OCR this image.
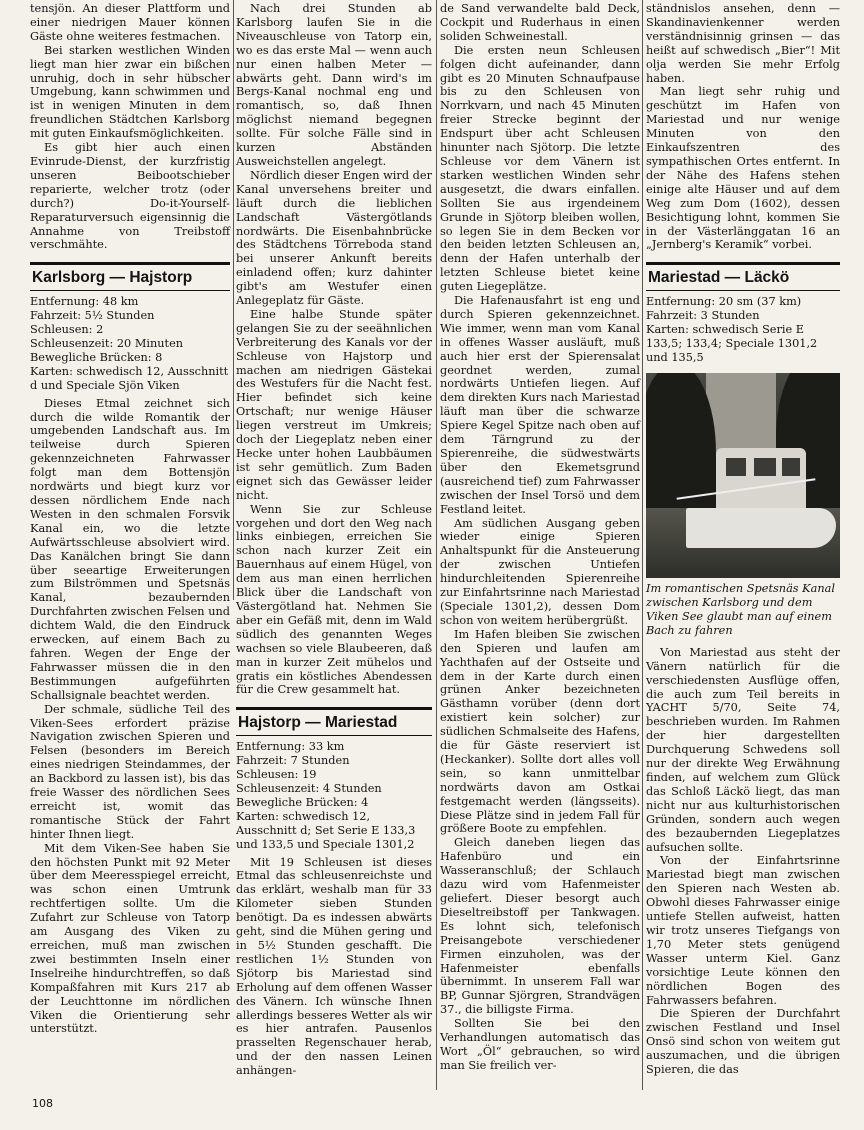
tensjön. An dieser Plattform und einer niedrigen Mauer können Gäste ohne weiteres festmachen.

Bei starken westlichen Winden liegt man hier zwar ein bißchen unruhig, doch in sehr hübscher Umgebung, kann schwimmen und ist in wenigen Minuten in dem freundlichen Städtchen Karlsborg mit guten Einkaufsmöglichkeiten.

Es gibt hier auch einen Evinrude-Dienst, der kurzfristig unseren Beibootschieber reparierte, welcher trotz (oder durch?) Do-it-Yourself-Reparaturversuch eigensinnig die Annahme von Treibstoff verschmähte.

Karlsborg — Hajstorp
Entfernung: 48 km
Fahrzeit: 5½ Stunden
Schleusen: 2
Schleusenzeit: 20 Minuten
Bewegliche Brücken: 8
Karten: schwedisch 12, Ausschnitt d und Speciale Sjön Viken

Dieses Etmal zeichnet sich durch die wilde Romantik der umgebenden Landschaft aus. Im teilweise durch Spieren gekennzeichneten Fahrwasser folgt man dem Bottensjön nordwärts und biegt kurz vor dessen nördlichem Ende nach Westen in den schmalen Forsvik Kanal ein, wo die letzte Aufwärtsschleuse absolviert wird. Das Kanälchen bringt Sie dann über seeartige Erweiterungen zum Bilströmmen und Spetsnäs Kanal, bezaubernden Durchfahrten zwischen Felsen und dichtem Wald, die den Eindruck erwecken, auf einem Bach zu fahren. Wegen der Enge der Fahrwasser müssen die in den Bestimmungen aufgeführten Schallsignale beachtet werden.

Der schmale, südliche Teil des Viken-Sees erfordert präzise Navigation zwischen Spieren und Felsen (besonders im Bereich eines niedrigen Steindammes, der an Backbord zu lassen ist), bis das freie Wasser des nördlichen Sees erreicht ist, womit das romantische Stück der Fahrt hinter Ihnen liegt.

Mit dem Viken-See haben Sie den höchsten Punkt mit 92 Meter über dem Meeresspiegel erreicht, was schon einen Umtrunk rechtfertigen sollte. Um die Zufahrt zur Schleuse von Tatorp am Ausgang des Viken zu erreichen, muß man zwischen zwei bestimmten Inseln einer Inselreihe hindurchtreffen, so daß Kompaßfahren mit Kurs 217 ab der Leuchttonne im nördlichen Viken die Orientierung sehr unterstützt.

Nach drei Stunden ab Karlsborg laufen Sie in die Niveauschleuse von Tatorp ein, wo es das erste Mal — wenn auch nur einen halben Meter — abwärts geht. Dann wird's im Bergs-Kanal nochmal eng und romantisch, so, daß Ihnen möglichst niemand begegnen sollte. Für solche Fälle sind in kurzen Abständen Ausweichstellen angelegt.

Nördlich dieser Engen wird der Kanal unversehens breiter und läuft durch die lieblichen Landschaft Västergötlands nordwärts. Die Eisenbahnbrücke des Städtchens Törreboda stand bei unserer Ankunft bereits einladend offen; kurz dahinter gibt's am Westufer einen Anlegeplatz für Gäste.

Eine halbe Stunde später gelangen Sie zu der seeähnlichen Verbreiterung des Kanals vor der Schleuse von Hajstorp und machen am niedrigen Gästekai des Westufers für die Nacht fest. Hier befindet sich keine Ortschaft; nur wenige Häuser liegen verstreut im Umkreis; doch der Liegeplatz neben einer Hecke unter hohen Laubbäumen ist sehr gemütlich. Zum Baden eignet sich das Gewässer leider nicht.

Wenn Sie zur Schleuse vorgehen und dort den Weg nach links einbiegen, erreichen Sie schon nach kurzer Zeit ein Bauernhaus auf einem Hügel, von dem aus man einen herrlichen Blick über die Landschaft von Västergötland hat. Nehmen Sie aber ein Gefäß mit, denn im Wald südlich des genannten Weges wachsen so viele Blaubeeren, daß man in kurzer Zeit mühelos und gratis ein köstliches Abendessen für die Crew gesammelt hat.

Hajstorp — Mariestad
Entfernung: 33 km
Fahrzeit: 7 Stunden
Schleusen: 19
Schleusenzeit: 4 Stunden
Bewegliche Brücken: 4
Karten: schwedisch 12, Ausschnitt d; Set Serie E 133,3 und 133,5 und Speciale 1301,2

Mit 19 Schleusen ist dieses Etmal das schleusenreichste und das erklärt, weshalb man für 33 Kilometer sieben Stunden benötigt. Da es indessen abwärts geht, sind die Mühen gering und in 5½ Stunden geschafft. Die restlichen 1½ Stunden von Sjötorp bis Mariestad sind Erholung auf dem offenen Wasser des Vänern. Ich wünsche Ihnen allerdings besseres Wetter als wir es hier antrafen. Pausenlos prasselten Regenschauer herab, und der den nassen Leinen anhängen-

de Sand verwandelte bald Deck, Cockpit und Ruderhaus in einen soliden Schweinestall.

Die ersten neun Schleusen folgen dicht aufeinander, dann gibt es 20 Minuten Schnaufpause bis zu den Schleusen von Norrkvarn, und nach 45 Minuten freier Strecke beginnt der Endspurt über acht Schleusen hinunter nach Sjötorp. Die letzte Schleuse vor dem Vänern ist starken westlichen Winden sehr ausgesetzt, die dwars einfallen. Sollten Sie aus irgendeinem Grunde in Sjötorp bleiben wollen, so legen Sie in dem Becken vor den beiden letzten Schleusen an, denn der Hafen unterhalb der letzten Schleuse bietet keine guten Liegeplätze.

Die Hafenausfahrt ist eng und durch Spieren gekennzeichnet. Wie immer, wenn man vom Kanal in offenes Wasser ausläuft, muß auch hier erst der Spierensalat geordnet werden, zumal nordwärts Untiefen liegen. Auf dem direkten Kurs nach Mariestad läuft man über die schwarze Spiere Kegel Spitze nach oben auf dem Tärngrund zu der Spierenreihe, die südwestwärts über den Ekemetsgrund (ausreichend tief) zum Fahrwasser zwischen der Insel Torsö und dem Festland leitet.

Am südlichen Ausgang geben wieder einige Spieren Anhaltspunkt für die Ansteuerung der zwischen Untiefen hindurchleitenden Spierenreihe zur Einfahrtsrinne nach Mariestad (Speciale 1301,2), dessen Dom schon von weitem herübergrüßt.

Im Hafen bleiben Sie zwischen den Spieren und laufen am Yachthafen auf der Ostseite und dem in der Karte durch einen grünen Anker bezeichneten Gästhamn vorüber (denn dort existiert kein solcher) zur südlichen Schmalseite des Hafens, die für Gäste reserviert ist (Heckanker). Sollte dort alles voll sein, so kann unmittelbar nordwärts davon am Ostkai festgemacht werden (längsseits). Diese Plätze sind in jedem Fall für größere Boote zu empfehlen.

Gleich daneben liegen das Hafenbüro und ein Wasseranschluß; der Schlauch dazu wird vom Hafenmeister geliefert. Dieser besorgt auch Dieseltreibstoff per Tankwagen. Es lohnt sich, telefonisch Preisangebote verschiedener Firmen einzuholen, was der Hafenmeister ebenfalls übernimmt. In unserem Fall war BP, Gunnar Sjörgren, Strandvägen 37., die billigste Firma.

Sollten Sie bei den Verhandlungen automatisch das Wort „Öl“ gebrauchen, so wird man Sie freilich ver-

ständnislos ansehen, denn — Skandinavienkenner werden verständnisinnig grinsen — das heißt auf schwedisch „Bier“! Mit olja werden Sie mehr Erfolg haben.

Man liegt sehr ruhig und geschützt im Hafen von Mariestad und nur wenige Minuten von den Einkaufszentren des sympathischen Ortes entfernt. In der Nähe des Hafens stehen einige alte Häuser und auf dem Weg zum Dom (1602), dessen Besichtigung lohnt, kommen Sie in der Västerlänggatan 16 an „Jernberg's Keramik“ vorbei.

Mariestad — Läckö
Entfernung: 20 sm (37 km)
Fahrzeit: 3 Stunden
Karten: schwedisch Serie E 133,5; 133,4; Speciale 1301,2 und 135,5
Im romantischen Spetsnäs Kanal zwischen Karlsborg und dem Viken See glaubt man auf einem Bach zu fahren

Von Mariestad aus steht der Vänern natürlich für die verschiedensten Ausflüge offen, die auch zum Teil bereits in YACHT 5/70, Seite 74, beschrieben wurden. Im Rahmen der hier dargestellten Durchquerung Schwedens soll nur der direkte Weg Erwähnung finden, auf welchem zum Glück das Schloß Läckö liegt, das man nicht nur aus kulturhistorischen Gründen, sondern auch wegen des bezaubernden Liegeplatzes aufsuchen sollte.

Von der Einfahrtsrinne Mariestad biegt man zwischen den Spieren nach Westen ab. Obwohl dieses Fahrwasser einige untiefe Stellen aufweist, hatten wir trotz unseres Tiefgangs von 1,70 Meter stets genügend Wasser unterm Kiel. Ganz vorsichtige Leute können den nördlichen Bogen des Fahrwassers befahren.

Die Spieren der Durchfahrt zwischen Festland und Insel Onsö sind schon von weitem gut auszumachen, und die übrigen Spieren, die das

108
